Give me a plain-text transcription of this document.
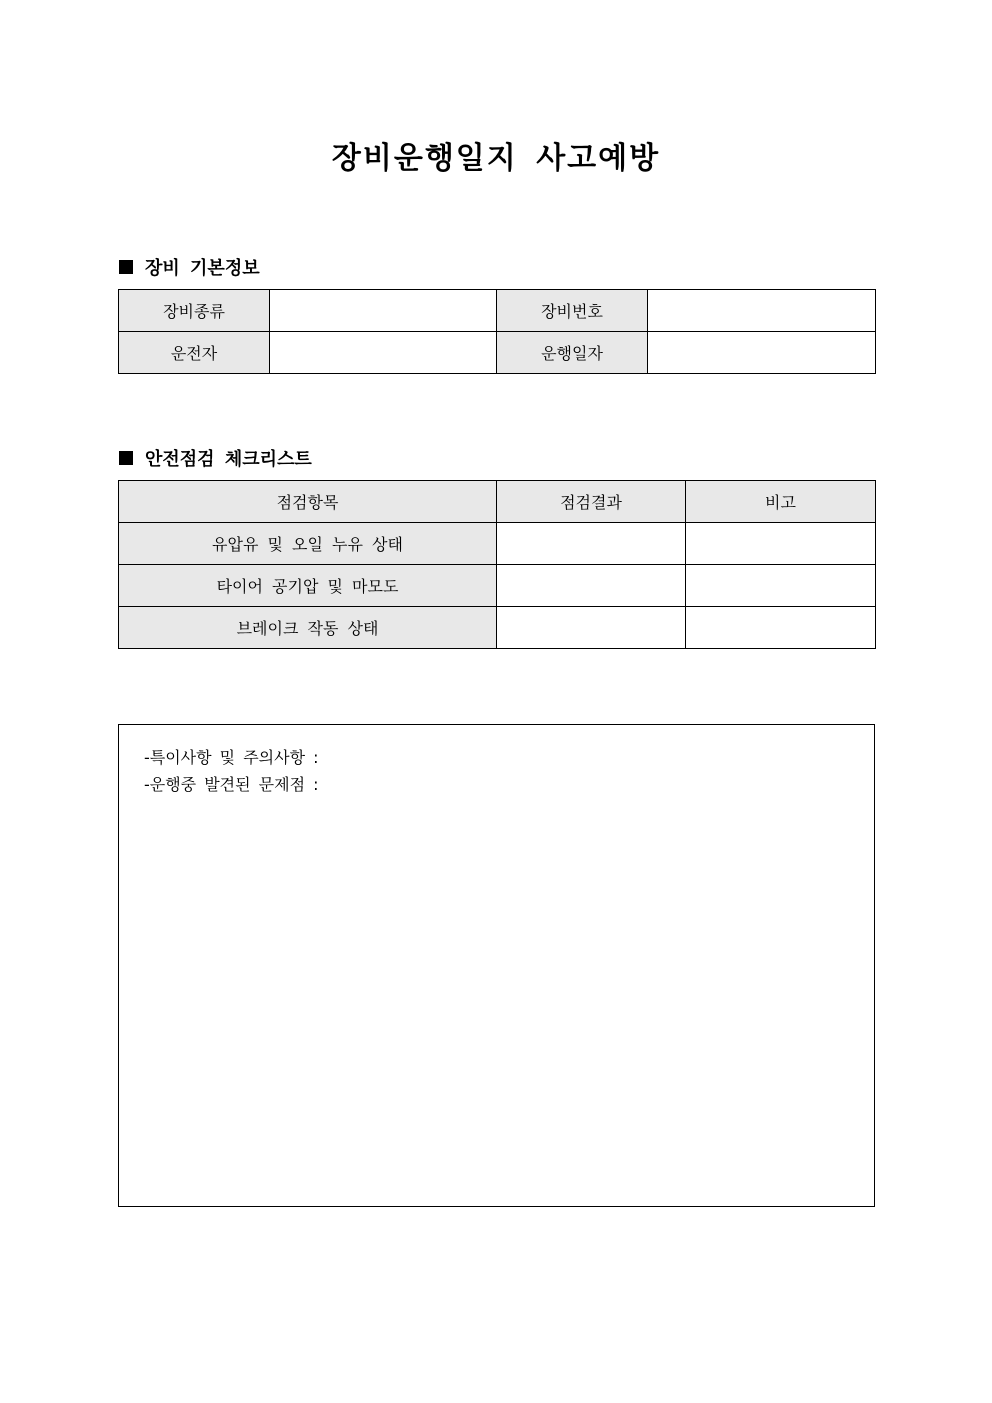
장비운행일지 사고예방
장비 기본정보
장비종류		장비번호	
운전자		운행일자	
안전점검 체크리스트
점검항목	점검결과	비고
유압유 및 오일 누유 상태		
타이어 공기압 및 마모도		
브레이크 작동 상태		
-특이사항 및 주의사항 :
-운행중 발견된 문제점 :
